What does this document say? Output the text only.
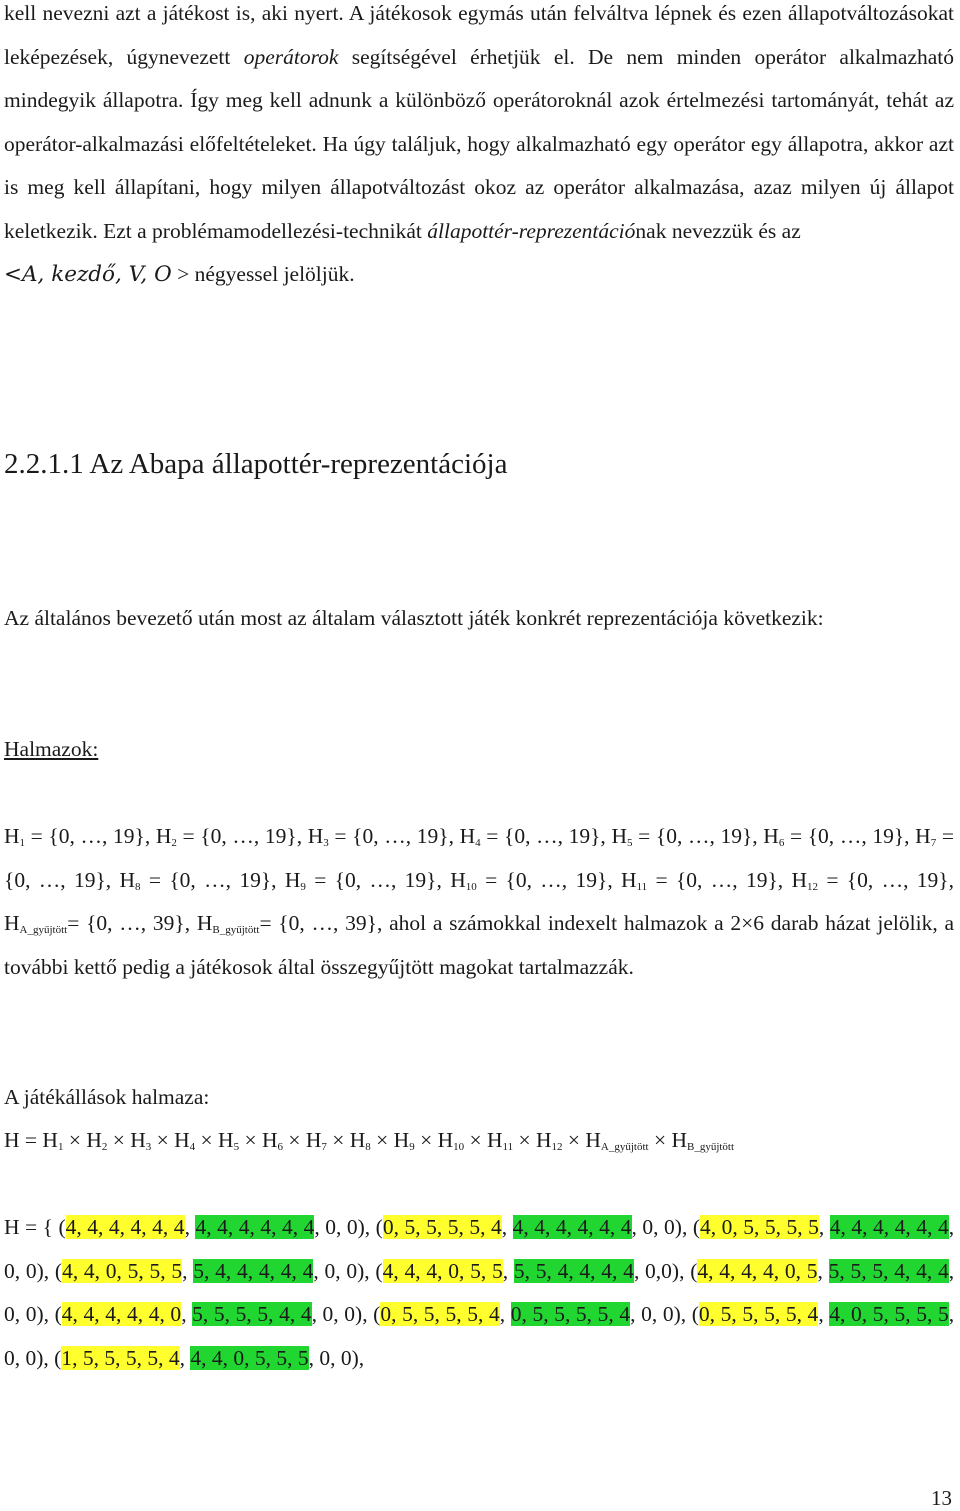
kell nevezni azt a játékost is, aki nyert. A játékosok egymás után felváltva lépnek és ezen állapotváltozásokat leképezések, úgynevezett operátorok segítségével érhetjük el. De nem minden operátor alkalmazható mindegyik állapotra. Így meg kell adnunk a különböző operátoroknál azok értelmezési tartományát, tehát az operátor-alkalmazási előfeltételeket. Ha úgy találjuk, hogy alkalmazható egy operátor egy állapotra, akkor azt is meg kell állapítani, hogy milyen állapotváltozást okoz az operátor alkalmazása, azaz milyen új állapot keletkezik. Ezt a problémamodellezési-technikát állapottér-reprezentációnak nevezzük és az
<A, kezdő, V, O > négyessel jelöljük.

2.2.1.1 Az Abapa állapottér-reprezentációja

Az általános bevezető után most az általam választott játék konkrét reprezentációja következik:

Halmazok:

$H_1 = \{0$, …, 19}, $H_2 = \{0$, …, 19}, $H_3 = \{0$, …, 19}, $H_4 = \{0$, …, 19}, $H_5 = \{0$, …, 19}, $H_6 = \{0$, …, 19}, $H_7 = \{0$, …, 19}, $H_8 = \{0$, …, 19}, $H_9 = \{0$, …, 19}, $H_{10} = \{0$, …, 19}, $H_{11} = \{0$, …, 19}, $H_{12} = \{0$, …, 19}, $H_{A\_gyűjtött}= \{0$, …, 39}, $H_{B\_gyűjtött}= \{0$, …, 39}, ahol a számokkal indexelt halmazok a 2×6 darab házat jelölik, a további kettő pedig a játékosok által összegyűjtött magokat tartalmazzák.

A játékállások halmaza:

$H = H_1 \times H_2 \times H_3 \times H_4 \times H_5 \times H_6 \times H_7 \times H_8 \times H_9 \times H_{10} \times H_{11} \times H_{12} \times H_{A\_gyűjtött} \times H_{B\_gyűjtött}$

H = { (4, 4, 4, 4, 4, 4, 4, 4, 4, 4, 4, 4, 0, 0), (0, 5, 5, 5, 5, 4, 4, 4, 4, 4, 4, 4, 0, 0), (4, 0, 5, 5, 5, 5, 4, 4, 4, 4, 4, 4, 0, 0), (4, 4, 0, 5, 5, 5, 5, 4, 4, 4, 4, 4, 0, 0), (4, 4, 4, 0, 5, 5, 5, 5, 4, 4, 4, 4, 0,0), (4, 4, 4, 4, 0, 5, 5, 5, 5, 4, 4, 4, 0, 0), (4, 4, 4, 4, 4, 0, 5, 5, 5, 5, 4, 4, 0, 0), (0, 5, 5, 5, 5, 4, 0, 5, 5, 5, 5, 4, 0, 0), (0, 5, 5, 5, 5, 4, 4, 0, 5, 5, 5, 5, 0, 0), (1, 5, 5, 5, 5, 4, 4, 4, 0, 5, 5, 5, 0, 0),

13
